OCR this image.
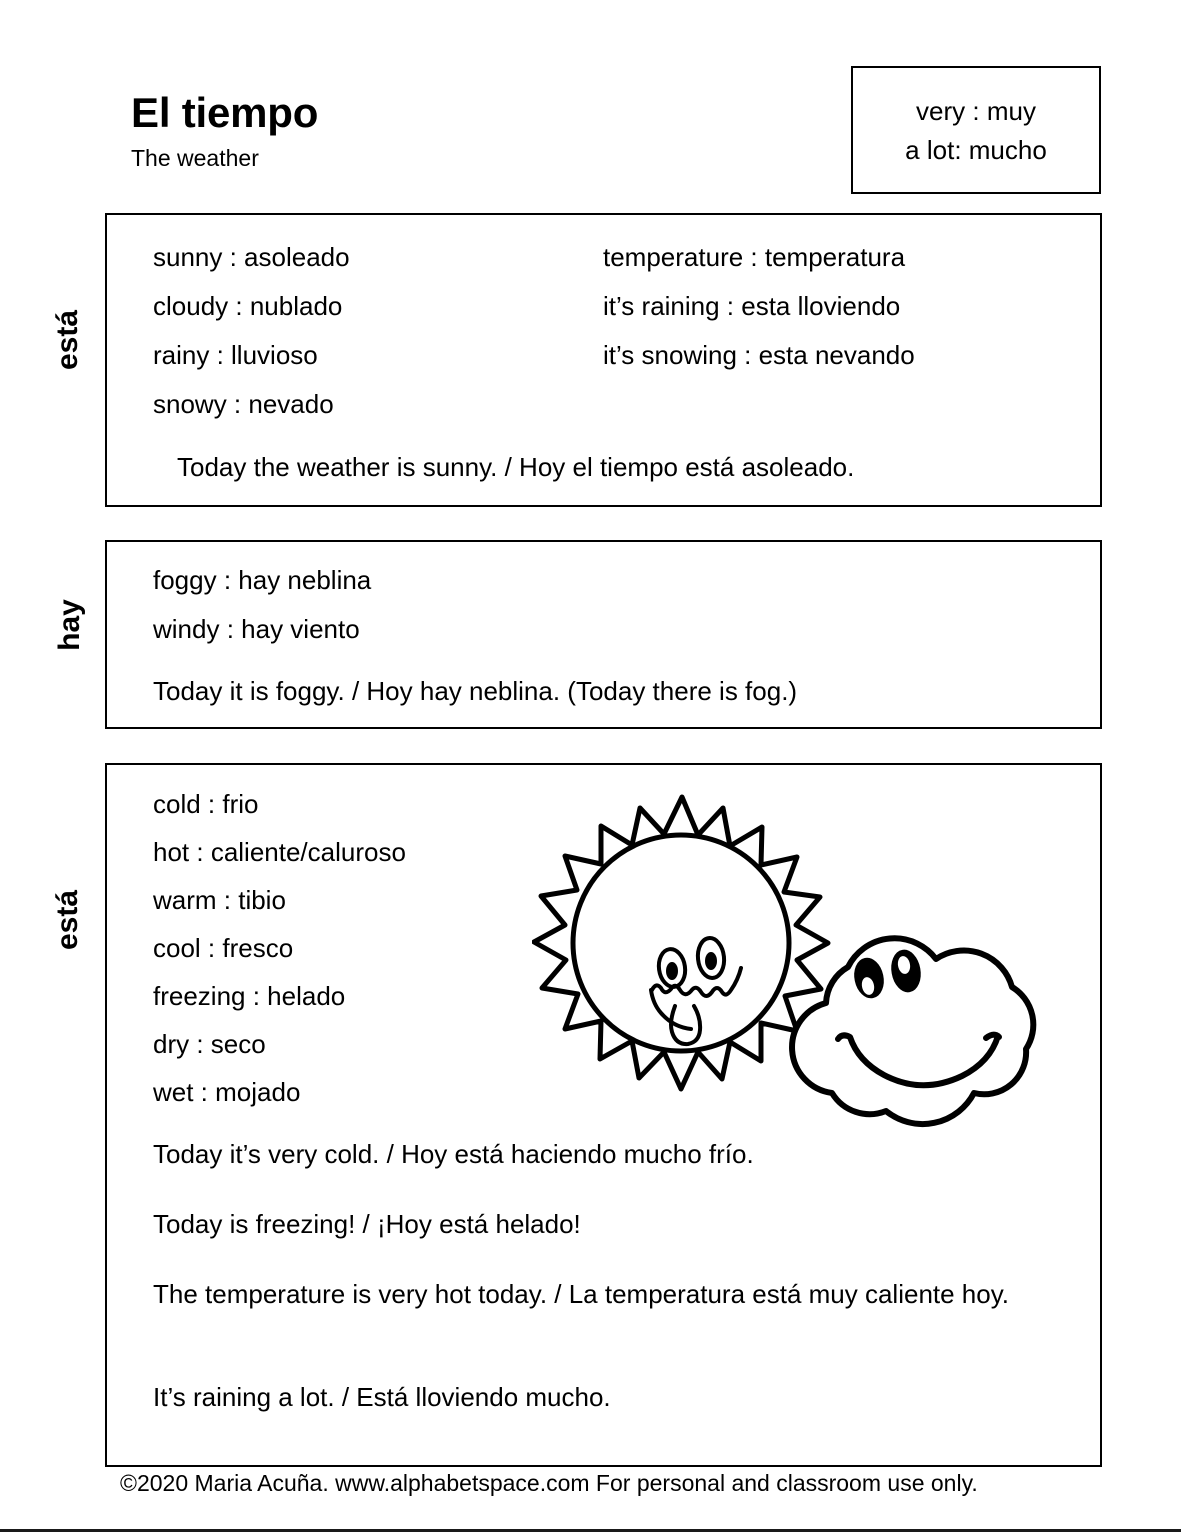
El tiempo
The weather
very : muy
a lot: mucho
está
sunny : asoleado
cloudy : nublado
rainy : lluvioso
snowy : nevado
temperature : temperatura
it’s raining : esta lloviendo
it’s snowing : esta nevando
Today the weather is sunny. / Hoy el tiempo está asoleado.
hay
foggy : hay neblina
windy : hay viento
Today it is foggy. / Hoy hay neblina. (Today there is fog.)
está
cold : frio
hot : caliente/caluroso
warm : tibio
cool : fresco
freezing : helado
dry : seco
wet : mojado
Today it’s very cold. / Hoy está haciendo mucho frío.
Today is freezing! / ¡Hoy está helado!
The temperature is very hot today. / La temperatura está muy caliente hoy.
It’s raining a lot. / Está lloviendo mucho.
©2020 Maria Acuña. www.alphabetspace.com For personal and classroom use only.
